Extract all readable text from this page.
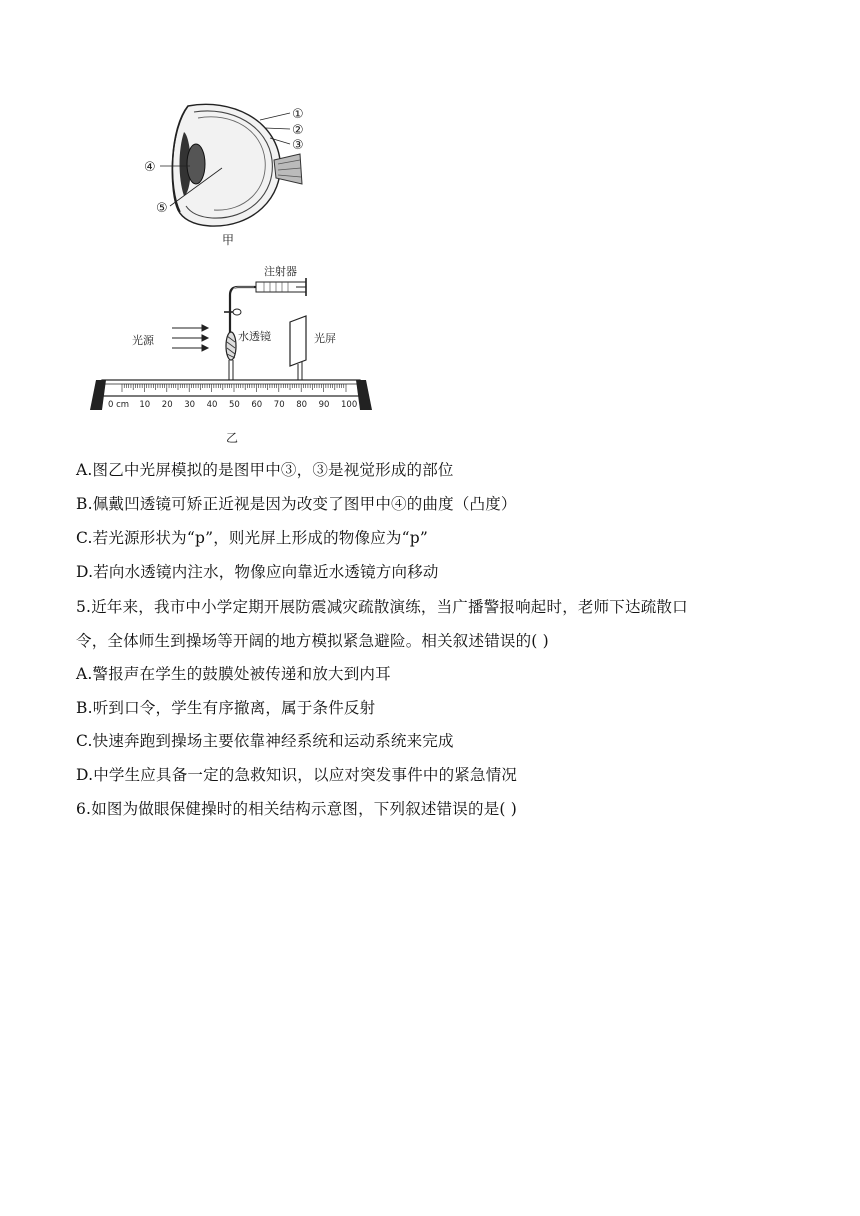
①
②
③
④
⑤
甲
注射器
光源	水透镜	光屏
0 cm 10 20 30 40 50 60 70 80 90 100
乙
A.图乙中光屏模拟的是图甲中③，③是视觉形成的部位
B.佩戴凹透镜可矫正近视是因为改变了图甲中④的曲度（凸度）
C.若光源形状为“p”，则光屏上形成的物像应为“p”
D.若向水透镜内注水，物像应向靠近水透镜方向移动
5.近年来，我市中小学定期开展防震减灾疏散演练，当广播警报响起时，老师下达疏散口
令，全体师生到操场等开阔的地方模拟紧急避险。相关叙述错误的( )
A.警报声在学生的鼓膜处被传递和放大到内耳
B.听到口令，学生有序撤离，属于条件反射
C.快速奔跑到操场主要依靠神经系统和运动系统来完成
D.中学生应具备一定的急救知识，以应对突发事件中的紧急情况
6.如图为做眼保健操时的相关结构示意图，下列叙述错误的是( )
